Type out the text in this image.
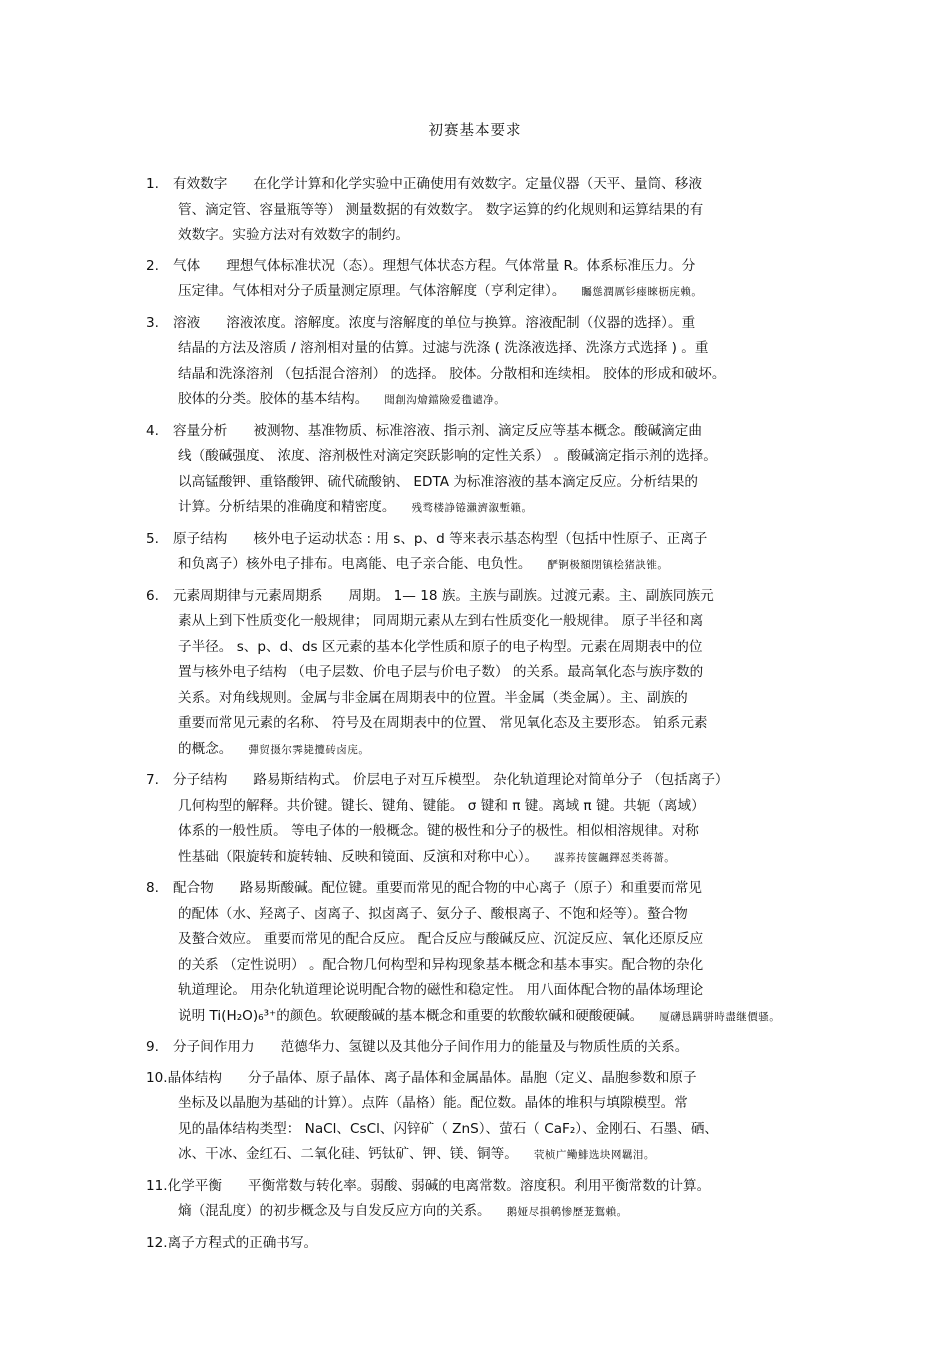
初赛基本要求
1. 有效数字 在化学计算和化学实验中正确使用有效数字。定量仪器（天平、量筒、移液
管、滴定管、容量瓶等等） 测量数据的有效数字。 数字运算的约化规则和运算结果的有
效数字。实验方法对有效数字的制约。
2. 气体 理想气体标准状况（态）。理想气体状态方程。气体常量 R。体系标准压力。分
压定律。气体相对分子质量测定原理。气体溶解度（亨利定律）。 矚慫潤厲钐瘗睞枥庑赖。
3. 溶液 溶液浓度。溶解度。浓度与溶解度的单位与换算。溶液配制（仪器的选择）。重
结晶的方法及溶质 / 溶剂相对量的估算。过滤与洗涤 ( 洗涤液选择、洗涤方式选择 ) 。重
结晶和洗涤溶剂 （包括混合溶剂） 的选择。 胶体。分散相和连续相。 胶体的形成和破坏。
胶体的分类。胶体的基本结构。 聞創沟燴鐺險爱氇谴净。
4. 容量分析 被测物、基准物质、标准溶液、指示剂、滴定反应等基本概念。酸碱滴定曲
线（酸碱强度、 浓度、溶剂极性对滴定突跃影响的定性关系） 。酸碱滴定指示剂的选择。
以高锰酸钾、重铬酸钾、硫代硫酸钠、 EDTA 为标准溶液的基本滴定反应。分析结果的
计算。分析结果的准确度和精密度。 残骛楼諍锩瀨濟溆塹籟。
5. 原子结构 核外电子运动状态 : 用 s、p、d 等来表示基态构型（包括中性原子、正离子
和负离子）核外电子排布。电离能、电子亲合能、电负性。 酽锕极額閉镇桧猪訣锥。
6. 元素周期律与元素周期系 周期。 1— 18 族。主族与副族。过渡元素。主、副族同族元
素从上到下性质变化一般规律； 同周期元素从左到右性质变化一般规律。 原子半径和离
子半径。 s、p、d、ds 区元素的基本化学性质和原子的电子构型。元素在周期表中的位
置与核外电子结构 （电子层数、价电子层与价电子数） 的关系。最高氧化态与族序数的
关系。对角线规则。金属与非金属在周期表中的位置。半金属（类金属）。主、副族的
重要而常见元素的名称、 符号及在周期表中的位置、 常见氧化态及主要形态。 铂系元素
的概念。 彈贸摄尔霁毙攬砖卤庑。
7. 分子结构 路易斯结构式。 价层电子对互斥模型。 杂化轨道理论对简单分子 （包括离子）
几何构型的解释。共价键。键长、键角、键能。 σ 键和 π 键。离域 π 键。共轭（离域）
体系的一般性质。 等电子体的一般概念。键的极性和分子的极性。相似相溶规律。对称
性基础（限旋转和旋转轴、反映和镜面、反演和对称中心）。 謀荞抟箧飆鐸怼类蒋薔。
8. 配合物 路易斯酸碱。配位键。重要而常见的配合物的中心离子（原子）和重要而常见
的配体（水、羟离子、卤离子、拟卤离子、氨分子、酸根离子、不饱和烃等）。螯合物
及螯合效应。 重要而常见的配合反应。 配合反应与酸碱反应、沉淀反应、氧化还原反应
的关系 （定性说明） 。配合物几何构型和异构现象基本概念和基本事实。配合物的杂化
轨道理论。 用杂化轨道理论说明配合物的磁性和稳定性。 用八面体配合物的晶体场理论
说明 Ti(H₂O)₆³⁺的颜色。软硬酸碱的基本概念和重要的软酸软碱和硬酸硬碱。 厦礴恳蹒骈時盡继價骚。
9. 分子间作用力 范德华力、氢键以及其他分子间作用力的能量及与物质性质的关系。
10.晶体结构 分子晶体、原子晶体、离子晶体和金属晶体。晶胞（定义、晶胞参数和原子
坐标及以晶胞为基础的计算）。点阵（晶格）能。配位数。晶体的堆积与填隙模型。常
见的晶体结构类型： NaCl、CsCl、闪锌矿（ ZnS）、萤石（ CaF₂）、金刚石、石墨、硒、
冰、干冰、金红石、二氧化硅、钙钛矿、钾、镁、铜等。 茕桢广鳓鯡选块网羈泪。
11.化学平衡 平衡常数与转化率。弱酸、弱碱的电离常数。溶度积。利用平衡常数的计算。
熵（混乱度）的初步概念及与自发反应方向的关系。 鹅娅尽損鹌惨歷茏鴛賴。
12.离子方程式的正确书写。
